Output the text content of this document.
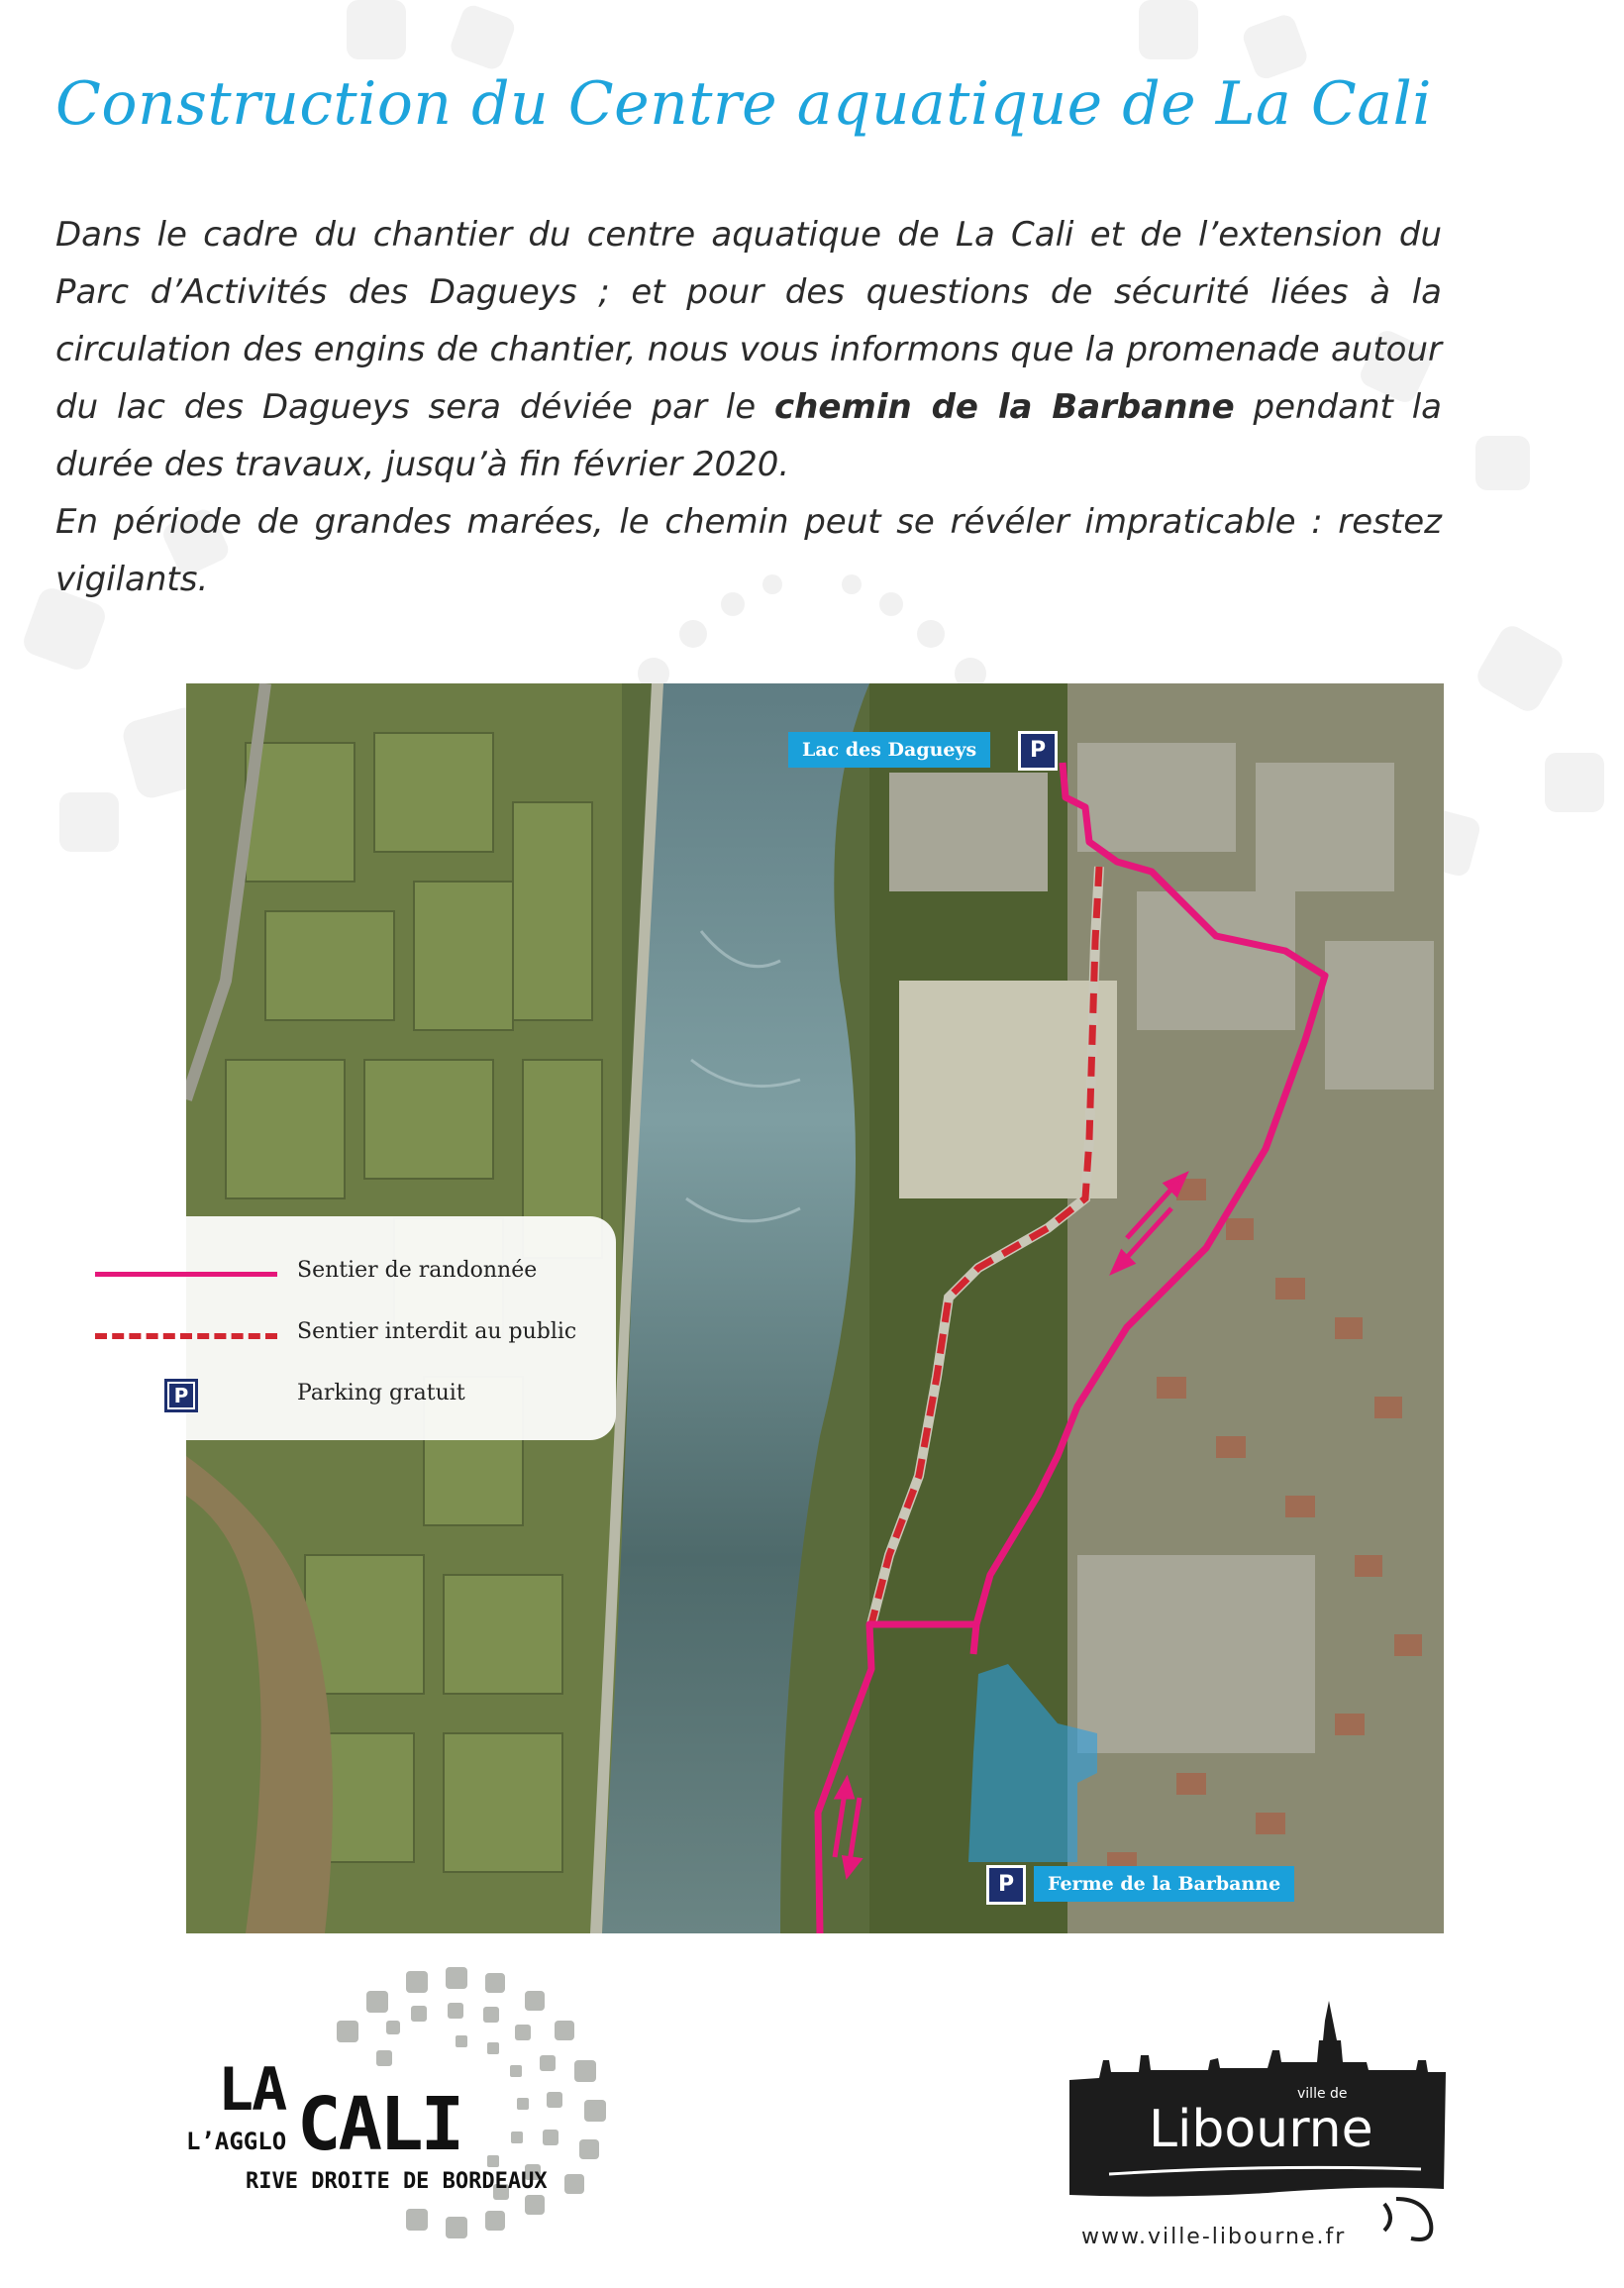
Construction du Centre aquatique de La Cali

Dans le cadre du chantier du centre aquatique de La Cali et de l’extension du Parc d’Activités des Dagueys ; et pour des questions de sécurité liées à la circulation des engins de chantier, nous vous informons que la promenade autour du lac des Dagueys sera déviée par le chemin de la Barbanne pendant la durée des travaux, jusqu’à fin février 2020.

En période de grandes marées, le chemin peut se révéler impraticable : restez vigilants.

Lac des Dagueys	P
P	Ferme de la Barbanne
Sentier de randonnée
Sentier interdit au public
P	Parking gratuit
LA
L’AGGLO CALI
RIVE DROITE DE BORDEAUX
ville de
Libourne
www.ville-libourne.fr
